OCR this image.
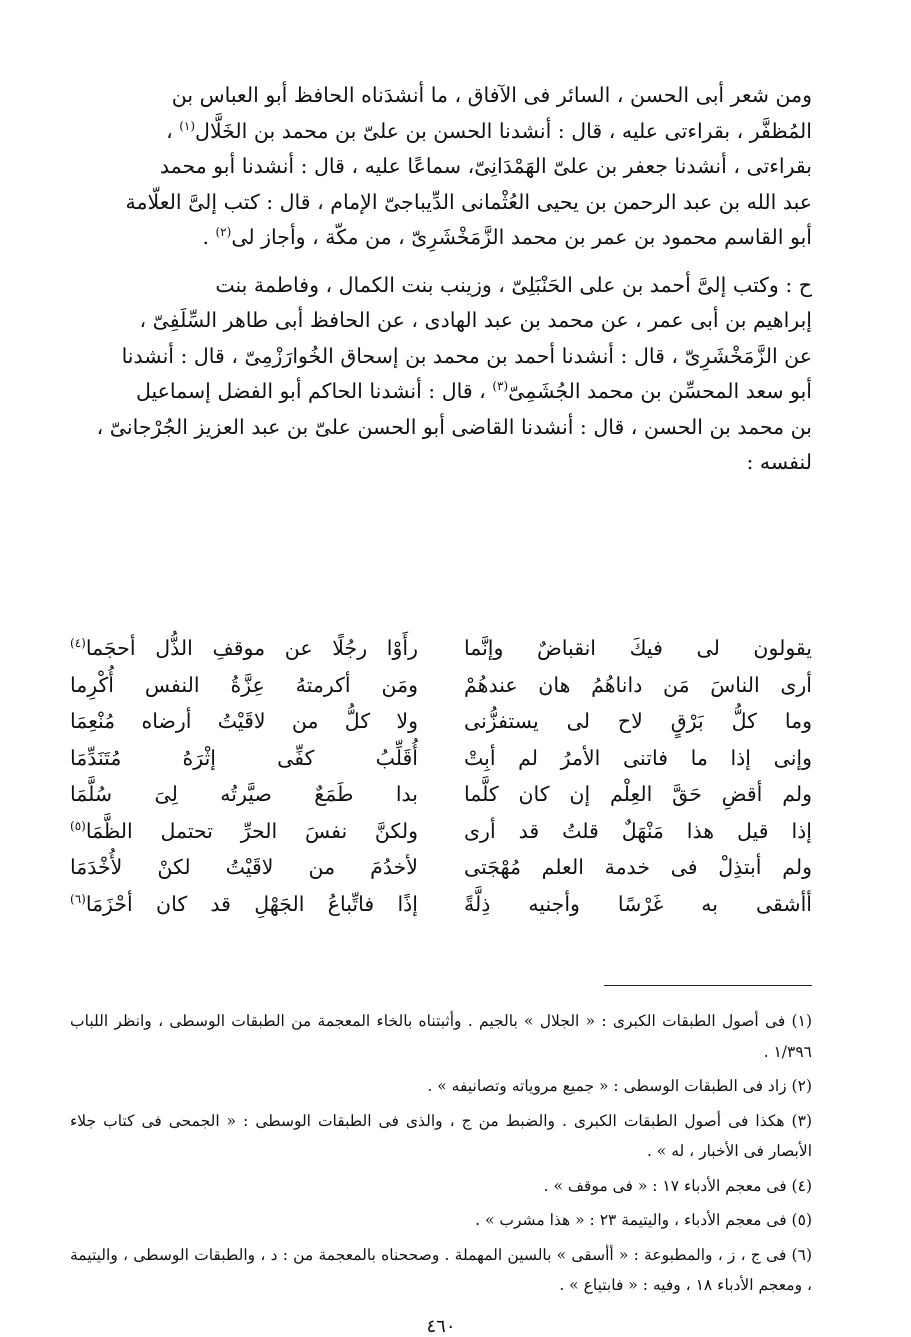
ومن شعر أبى الحسن ، السائر فى الآفاق ، ما أنشدَناه الحافظ أبو العباس بن

المُظفَّر ، بقراءتى عليه ، قال : أنشدنا الحسن بن علىّ بن محمد بن الخَلَّال$^{(١)}$ ،

بقراءتى ، أنشدنا جعفر بن علىّ الهَمْدَانِىّ، سماعًا عليه ، قال : أنشدنا أبو محمد

عبد الله بن عبد الرحمن بن يحيى العُثْمانى الدِّيباجىّ الإمام ، قال : كتب إلىَّ العلّامة

أبو القاسم محمود بن عمر بن محمد الزَّمَخْشَرِىّ ، من مكّة ، وأجاز لى$^{(٢)}$ .

ح : وكتب إلىَّ أحمد بن على الحَنْبَلِىّ ، وزينب بنت الكمال ، وفاطمة بنت

إبراهيم بن أبى عمر ، عن محمد بن عبد الهادى ، عن الحافظ أبى طاهر السِّلَفِىّ ،

عن الزَّمَخْشَرِىّ ، قال : أنشدنا أحمد بن محمد بن إسحاق الخُوارَزْمِىّ ، قال : أنشدنا

أبو سعد المحسِّن بن محمد الجُشَمِىّ$^{(٣)}$ ، قال : أنشدنا الحاكم أبو الفضل إسماعيل

بن محمد بن الحسن ، قال : أنشدنا القاضى أبو الحسن علىّ بن عبد العزيز الجُرْجانىّ ،

لنفسه :

يقولون لى فيكَ انقباضٌ وإنَّما
رأَوْا رجُلًا عن موقفِ الذُّل أحجَما$^{(٤)}$
أرى الناسَ مَن داناهُمُ هان عندهُمْ
ومَن أكرمتهُ عِزَّةُ النفس أُكْرِما
وما كلُّ بَرْقٍ لاح لى يستفزُّنى
ولا كلُّ من لاقَيْتُ أرضاه مُنْعِمَا
وإنى إذا ما فاتنى الأمرُ لم أبِتْ
أُقَلِّبُ كفِّى إثْرَهُ مُتَنَدِّمَا
ولم أقضِ حَقَّ العِلْم إن كان كلَّما
بدا طَمَعٌ صيَّرتُه لِىَ سُلَّمَا
إذا قيل هذا مَنْهَلٌ قلتُ قد أرى
ولكنَّ نفسَ الحرِّ تحتمل الظَّمَا$^{(٥)}$
ولم أبتذِلْ فى خدمة العلم مُهْجَتى
لأخدُمَ من لاقَيْتُ لكنْ لأُخْدَمَا
أأشقى به غَرْسًا وأجنيه ذِلَّةً
إذًا فاتِّباعُ الجَهْلِ قد كان أحْزَمَا$^{(٦)}$

(١) فى أصول الطبقات الكبرى : « الجلال » بالجيم . وأثبتناه بالخاء المعجمة من الطبقات الوسطى ، وانظر اللباب ١/٣٩٦ .

(٢) زاد فى الطبقات الوسطى : « جميع مروياته وتصانيفه » .

(٣) هكذا فى أصول الطبقات الكبرى . والضبط من ج ، والذى فى الطبقات الوسطى : « الجمحى فى كتاب جلاء الأبصار فى الأخبار ، له » .

(٤) فى معجم الأدباء ١٧ : « فى موقف » .

(٥) فى معجم الأدباء ، واليتيمة ٢٣ : « هذا مشرب » .

(٦) فى ج ، ز ، والمطبوعة : « أأسقى » بالسين المهملة . وصححناه بالمعجمة من : د ، والطبقات الوسطى ، واليتيمة ، ومعجم الأدباء ١٨ ، وفيه : « فابتياع » .

٤٦٠
